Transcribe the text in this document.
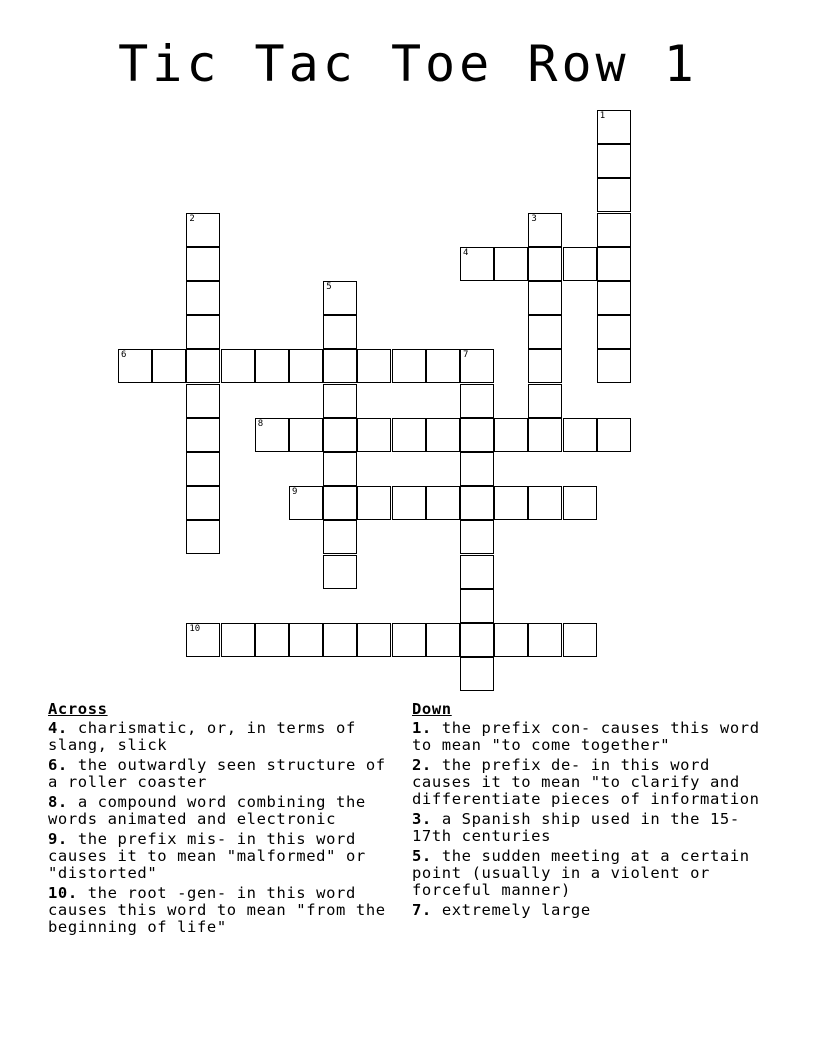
Tic Tac Toe Row 1
1
2	3
4
5
6	7
8
9
10
Across
4. charismatic, or, in terms of slang, slick
6. the outwardly seen structure of a roller coaster
8. a compound word combining the words animated and electronic
9. the prefix mis- in this word causes it to mean "malformed" or "distorted"
10. the root -gen- in this word causes this word to mean "from the beginning of life"
Down
1. the prefix con- causes this word to mean "to come together"
2. the prefix de- in this word causes it to mean "to clarify and differentiate pieces of information
3. a Spanish ship used in the 15-17th centuries
5. the sudden meeting at a certain point (usually in a violent or forceful manner)
7. extremely large
